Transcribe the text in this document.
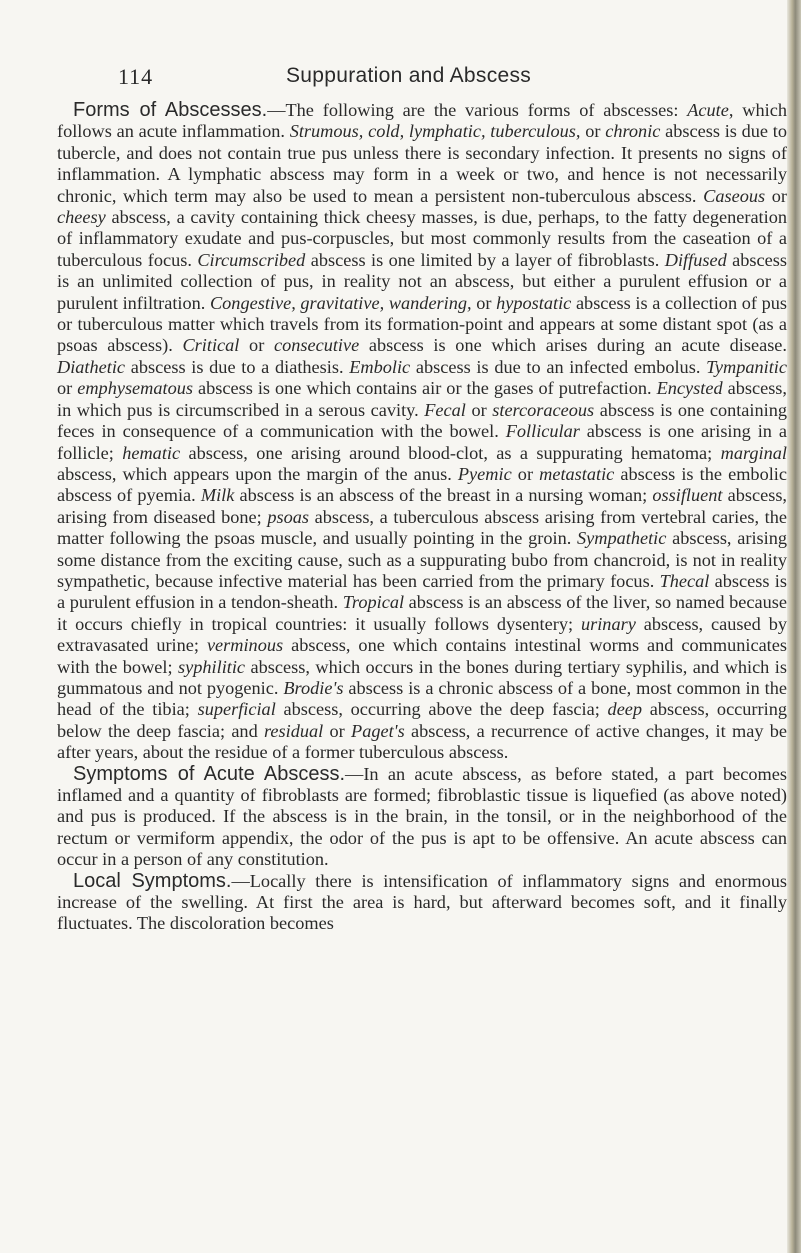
114	Suppuration and Abscess

Forms of Abscesses.—The following are the various forms of abscesses: Acute, which follows an acute inflammation. Strumous, cold, lymphatic, tuberculous, or chronic abscess is due to tubercle, and does not contain true pus unless there is secondary infection. It presents no signs of inflammation. A lymphatic abscess may form in a week or two, and hence is not necessarily chronic, which term may also be used to mean a persistent non-tuberculous abscess. Caseous or cheesy abscess, a cavity containing thick cheesy masses, is due, perhaps, to the fatty degeneration of inflammatory exudate and pus-corpuscles, but most commonly results from the caseation of a tuberculous focus. Circumscribed abscess is one limited by a layer of fibroblasts. Diffused abscess is an unlimited collection of pus, in reality not an abscess, but either a purulent effusion or a purulent infiltration. Congestive, gravitative, wandering, or hypostatic abscess is a collection of pus or tuberculous matter which travels from its formation-point and appears at some distant spot (as a psoas abscess). Critical or consecutive abscess is one which arises during an acute disease. Diathetic abscess is due to a diathesis. Embolic abscess is due to an infected embolus. Tympanitic or emphysematous abscess is one which contains air or the gases of putrefaction. Encysted abscess, in which pus is circumscribed in a serous cavity. Fecal or stercoraceous abscess is one containing feces in consequence of a communication with the bowel. Follicular abscess is one arising in a follicle; hematic abscess, one arising around blood-clot, as a suppurating hematoma; marginal abscess, which appears upon the margin of the anus. Pyemic or metastatic abscess is the embolic abscess of pyemia. Milk abscess is an abscess of the breast in a nursing woman; ossifluent abscess, arising from diseased bone; psoas abscess, a tuberculous abscess arising from vertebral caries, the matter following the psoas muscle, and usually pointing in the groin. Sympathetic abscess, arising some distance from the exciting cause, such as a suppurating bubo from chancroid, is not in reality sympathetic, because infective material has been carried from the primary focus. Thecal abscess is a purulent effusion in a tendon-sheath. Tropical abscess is an abscess of the liver, so named because it occurs chiefly in tropical countries: it usually follows dysentery; urinary abscess, caused by extravasated urine; verminous abscess, one which contains intestinal worms and communicates with the bowel; syphilitic abscess, which occurs in the bones during tertiary syphilis, and which is gummatous and not pyogenic. Brodie's abscess is a chronic abscess of a bone, most common in the head of the tibia; superficial abscess, occurring above the deep fascia; deep abscess, occurring below the deep fascia; and residual or Paget's abscess, a recurrence of active changes, it may be after years, about the residue of a former tuberculous abscess.

Symptoms of Acute Abscess.—In an acute abscess, as before stated, a part becomes inflamed and a quantity of fibroblasts are formed; fibroblastic tissue is liquefied (as above noted) and pus is produced. If the abscess is in the brain, in the tonsil, or in the neighborhood of the rectum or vermiform appendix, the odor of the pus is apt to be offensive. An acute abscess can occur in a person of any constitution.

Local Symptoms.—Locally there is intensification of inflammatory signs and enormous increase of the swelling. At first the area is hard, but afterward becomes soft, and it finally fluctuates. The discoloration becomes
